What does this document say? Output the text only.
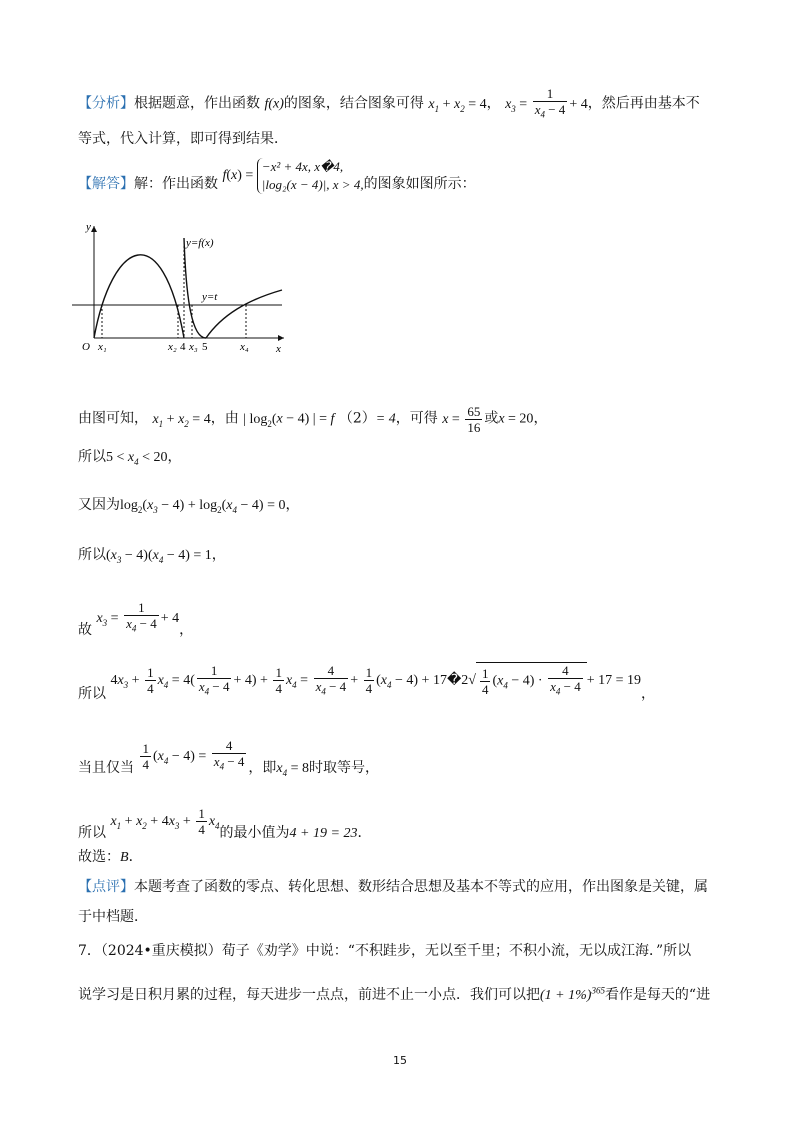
【分析】根据题意，作出函数 f(x)的图象，结合图象可得 $x_1 + x_2 = 4$， $x_3 = \frac{1}{x_4 - 4} + 4$，然后再由基本不
等式，代入计算，即可得到结果．
【解答】解：作出函数 f(x) =
−x² + 4x, x�4,
|log₂(x − 4)|, x > 4, 的图象如图所示：
y
x
O
y=f(x)
y=t
x₁	x₂ 4 x₃ 5	x₄
由图可知， $x_1 + x_2 = 4$，由 | $\log_2(x - 4)$ | = f （2）= 4，可得 $x = \frac{65}{16}$ 或x = 20，
所以$5 < x_4 < 20$，
又因为$\log_2(x_3 - 4) + \log_2(x_4 - 4) = 0$，
所以$(x_3 - 4)(x_4 - 4) = 1$，
故 $x_3 = \frac{1}{x_4 - 4} + 4$，
所以 $4x_3 + \frac{1}{4} x_4 = 4( \frac{1}{x_4 - 4} + 4) + \frac{1}{4} x_4 = \frac{4}{x_4 - 4} + \frac{1}{4} (x_4 - 4)$ + 17�2√ $\frac{1}{4} (x_4 - 4) \cdot \frac{4}{x_4 - 4} + 17 = 19$，
当且仅当 $\frac{1}{4} (x_4 - 4) = \frac{4}{x_4 - 4}$ ，即$x_4 = 8$时取等号，
所以 $x_1 + x_2 + 4x_3 + \frac{1}{4} x_4$的最小值为4 + 19 = 23．
故选：B．
【点评】本题考查了函数的零点、转化思想、数形结合思想及基本不等式的应用，作出图象是关键，属
于中档题．
7．（2024•重庆模拟）荀子《劝学》中说：“不积跬步，无以至千里；不积小流，无以成江海．”所以
说学习是日积月累的过程，每天进步一点点，前进不止一小点．我们可以把$(1 + 1\%)^{365}$看作是每天的“进
15
